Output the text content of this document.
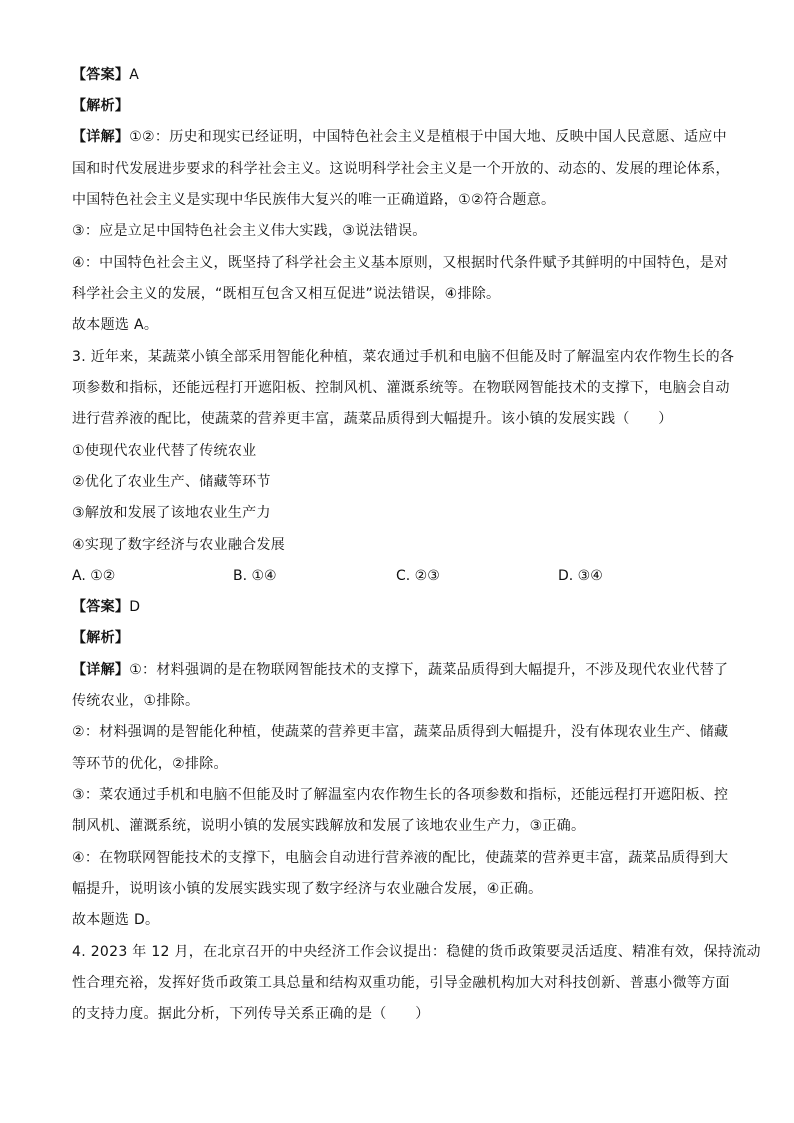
【答案】A
【解析】
【详解】①②：历史和现实已经证明，中国特色社会主义是植根于中国大地、反映中国人民意愿、适应中
国和时代发展进步要求的科学社会主义。这说明科学社会主义是一个开放的、动态的、发展的理论体系，
中国特色社会主义是实现中华民族伟大复兴的唯一正确道路，①②符合题意。
③：应是立足中国特色社会主义伟大实践，③说法错误。
④：中国特色社会主义，既坚持了科学社会主义基本原则，又根据时代条件赋予其鲜明的中国特色，是对
科学社会主义的发展，“既相互包含又相互促进”说法错误，④排除。
故本题选 A。
3. 近年来，某蔬菜小镇全部采用智能化种植，菜农通过手机和电脑不但能及时了解温室内农作物生长的各
项参数和指标，还能远程打开遮阳板、控制风机、灌溉系统等。在物联网智能技术的支撑下，电脑会自动
进行营养液的配比，使蔬菜的营养更丰富，蔬菜品质得到大幅提升。该小镇的发展实践（　　）
①使现代农业代替了传统农业
②优化了农业生产、储藏等环节
③解放和发展了该地农业生产力
④实现了数字经济与农业融合发展
A. ①②	B. ①④	C. ②③	D. ③④
【答案】D
【解析】
【详解】①：材料强调的是在物联网智能技术的支撑下，蔬菜品质得到大幅提升，不涉及现代农业代替了
传统农业，①排除。
②：材料强调的是智能化种植，使蔬菜的营养更丰富，蔬菜品质得到大幅提升，没有体现农业生产、储藏
等环节的优化，②排除。
③：菜农通过手机和电脑不但能及时了解温室内农作物生长的各项参数和指标，还能远程打开遮阳板、控
制风机、灌溉系统，说明小镇的发展实践解放和发展了该地农业生产力，③正确。
④：在物联网智能技术的支撑下，电脑会自动进行营养液的配比，使蔬菜的营养更丰富，蔬菜品质得到大
幅提升，说明该小镇的发展实践实现了数字经济与农业融合发展，④正确。
故本题选 D。
4. 2023 年 12 月，在北京召开的中央经济工作会议提出：稳健的货币政策要灵活适度、精准有效，保持流动
性合理充裕，发挥好货币政策工具总量和结构双重功能，引导金融机构加大对科技创新、普惠小微等方面
的支持力度。据此分析，下列传导关系正确的是（　　）
